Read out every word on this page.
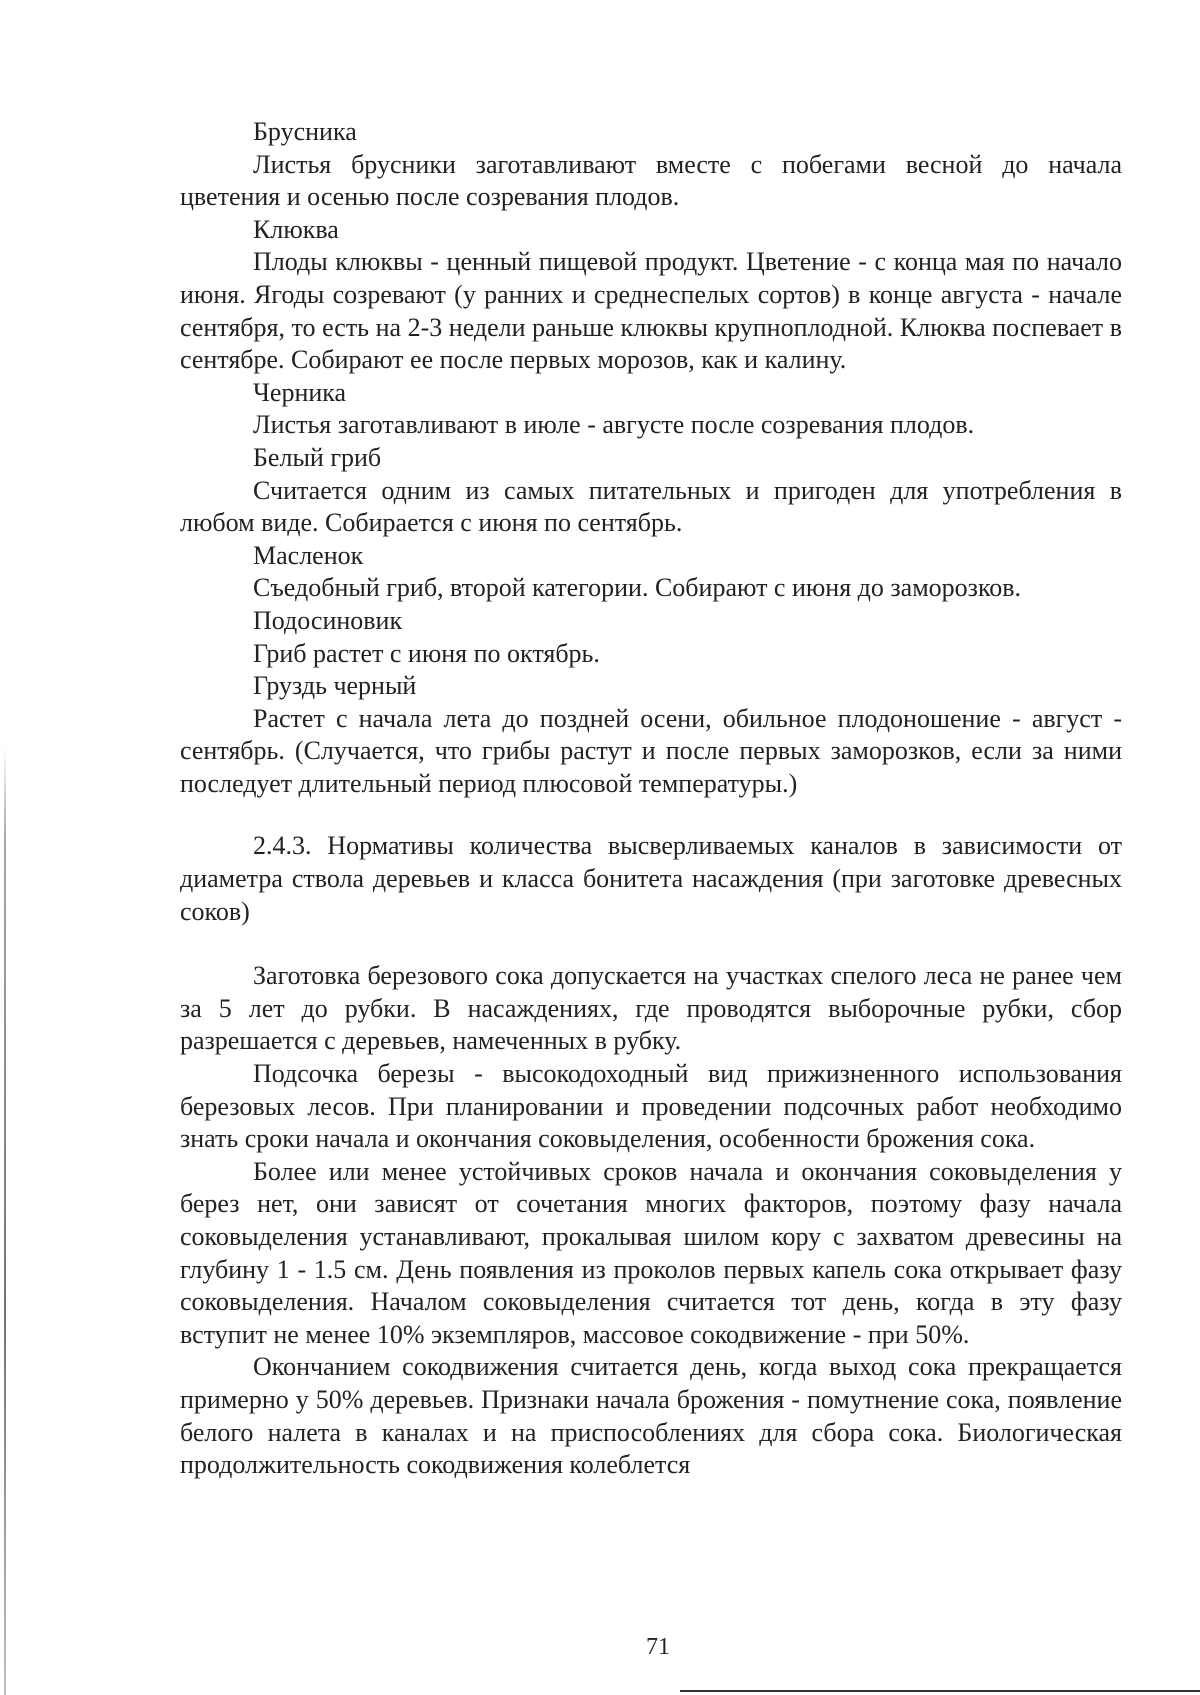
Брусника
Листья брусники заготавливают вместе с побегами весной до начала цветения и осенью после созревания плодов.
Клюква
Плоды клюквы - ценный пищевой продукт. Цветение - с конца мая по начало июня. Ягоды созревают (у ранних и среднеспелых сортов) в конце августа - начале сентября, то есть на 2-3 недели раньше клюквы крупноплодной. Клюква поспевает в сентябре. Собирают ее после первых морозов, как и калину.
Черника
Листья заготавливают в июле - августе после созревания плодов.
Белый гриб
Считается одним из самых питательных и пригоден для употребления в любом виде. Собирается с июня по сентябрь.
Масленок
Съедобный гриб, второй категории. Собирают с июня до заморозков.
Подосиновик
Гриб растет с июня по октябрь.
Груздь черный
Растет с начала лета до поздней осени, обильное плодоношение - август - сентябрь. (Случается, что грибы растут и после первых заморозков, если за ними последует длительный период плюсовой температуры.)
2.4.3. Нормативы количества высверливаемых каналов в зависимости от диаметра ствола деревьев и класса бонитета насаждения (при заготовке древесных соков)
Заготовка березового сока допускается на участках спелого леса не ранее чем за 5 лет до рубки. В насаждениях, где проводятся выборочные рубки, сбор разрешается с деревьев, намеченных в рубку.
Подсочка березы - высокодоходный вид прижизненного использования березовых лесов. При планировании и проведении подсочных работ необходимо знать сроки начала и окончания соковыделения, особенности брожения сока.
Более или менее устойчивых сроков начала и окончания соковыделения у берез нет, они зависят от сочетания многих факторов, поэтому фазу начала соковыделения устанавливают, прокалывая шилом кору с захватом древесины на глубину 1 - 1.5 см. День появления из проколов первых капель сока открывает фазу соковыделения. Началом соковыделения считается тот день, когда в эту фазу вступит не менее 10% экземпляров, массовое сокодвижение - при 50%.
Окончанием сокодвижения считается день, когда выход сока прекращается примерно у 50% деревьев. Признаки начала брожения - помутнение сока, появление белого налета в каналах и на приспособлениях для сбора сока. Биологическая продолжительность сокодвижения колеблется
71
